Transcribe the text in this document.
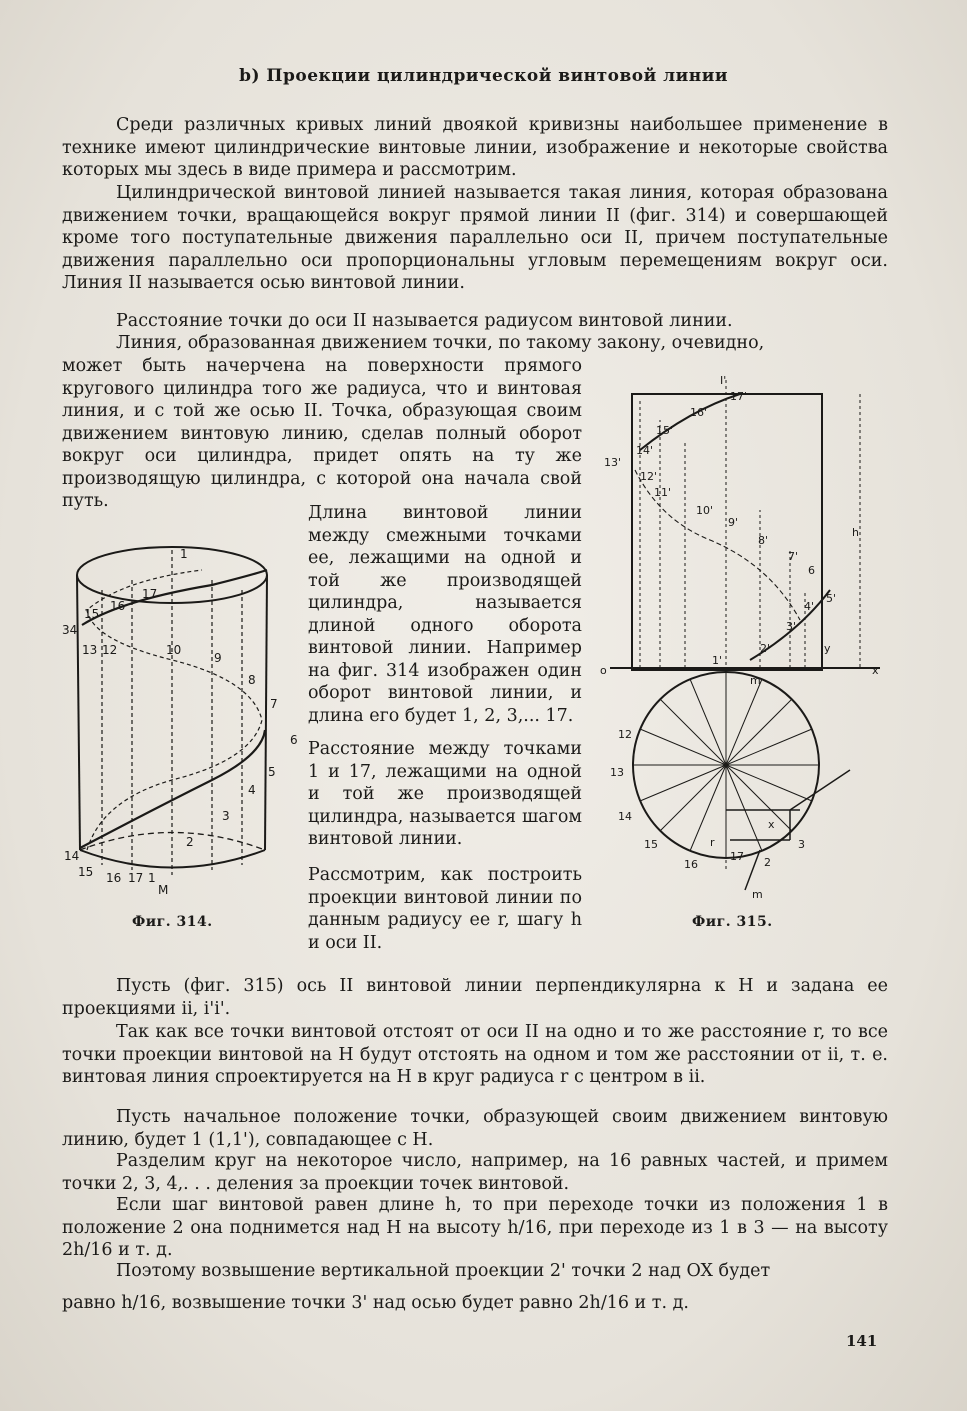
b) Проекции цилиндрической винтовой линии

Среди различных кривых линий двоякой кривизны наибольшее применение в технике имеют цилиндрические винтовые линии, изображение и некоторые свойства которых мы здесь в виде примера и рассмотрим.

Цилиндрической винтовой линией называется такая линия, которая образована движением точки, вращающейся вокруг прямой линии II (фиг. 314) и совершающей кроме того поступательные движения параллельно оси II, причем поступательные движения параллельно оси пропорциональны угловым перемещениям вокруг оси. Линия II называется осью винтовой линии.

Расстояние точки до оси II называется радиусом винтовой линии.

Линия, образованная движением точки, по такому закону, очевидно,

может быть начерчена на поверхности прямого кругового цилиндра того же радиуса, что и винтовая линия, и с той же осью II. Точка, образующая своим движением винтовую линию, сделав полный оборот вокруг оси цилиндра, придет опять на ту же производящую цилиндра, с которой она начала свой путь.

Длина винтовой линии между смежными точками ее, лежащими на одной и той же производящей цилиндра, называется длиной одного оборота винтовой линии. Например на фиг. 314 изображен один оборот винтовой линии, и длина его будет 1, 2, 3,... 17.

Расстояние между точками 1 и 17, лежащими на одной и той же производящей цилиндра, называется шагом винтовой линии.

Рассмотрим, как построить проекции винтовой линии по данным радиусу ее r, шагу h и оси II.

1
15
16
17
34
13 12	10
9
8
7
6
5
4
3
2
14
15 16 17 1
M
Фиг. 314.
I'
17'
16'
15'
14'
13'
12'
11'
10'
9'
8'
7'
6
5'
4'
3'
2'
1'
h
o	x
y
m
12
13
14
15
16
r
17
x
2
3
m
Фиг. 315.

Пусть (фиг. 315) ось II винтовой линии перпендикулярна к H и задана ее проекциями ii, i'i'.

Так как все точки винтовой отстоят от оси II на одно и то же расстояние r, то все точки проекции винтовой на H будут отстоять на одном и том же расстоянии от ii, т. е. винтовая линия спроектируется на H в круг радиуса r с центром в ii.

Пусть начальное положение точки, образующей своим движением винтовую линию, будет 1 (1,1'), совпадающее с H.

Разделим круг на некоторое число, например, на 16 равных частей, и примем точки 2, 3, 4,. . . деления за проекции точек винтовой.

Если шаг винтовой равен длине h, то при переходе точки из положения 1 в положение 2 она поднимется над H на высоту h/16, при переходе из 1 в 3 — на высоту 2h/16 и т. д.

Поэтому возвышение вертикальной проекции 2' точки 2 над OX будет

равно h/16, возвышение точки 3' над осью будет равно 2h/16 и т. д.

141
